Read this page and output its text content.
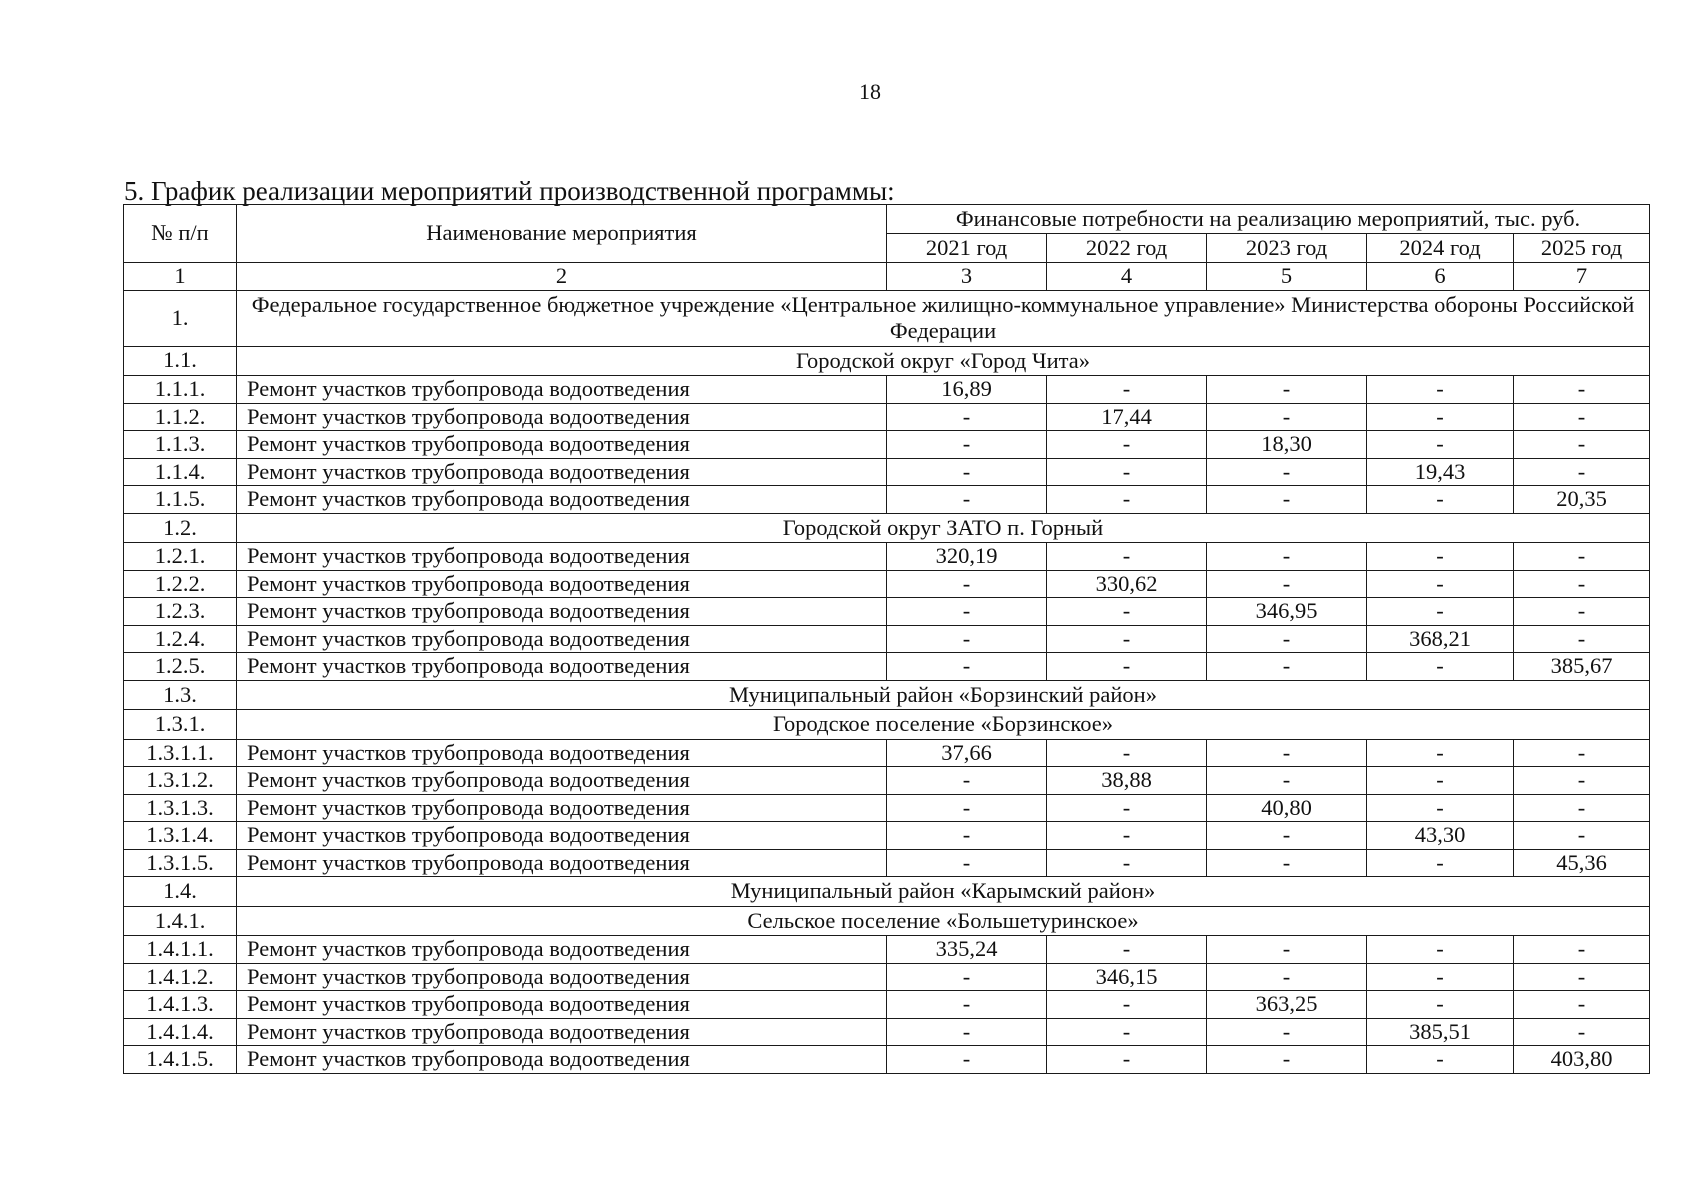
18
5. График реализации мероприятий производственной программы:
№ п/п	Наименование мероприятия	Финансовые потребности на реализацию мероприятий, тыс. руб.				
		2021 год	2022 год	2023 год	2024 год	2025 год
1	2	3	4	5	6	7
1.	Федеральное государственное бюджетное учреждение «Центральное жилищно-коммунальное управление» Министерства обороны Российской Федерации					
1.1.	Городской округ «Город Чита»					
1.1.1.	Ремонт участков трубопровода водоотведения	16,89	-	-	-	-
1.1.2.	Ремонт участков трубопровода водоотведения	-	17,44	-	-	-
1.1.3.	Ремонт участков трубопровода водоотведения	-	-	18,30	-	-
1.1.4.	Ремонт участков трубопровода водоотведения	-	-	-	19,43	-
1.1.5.	Ремонт участков трубопровода водоотведения	-	-	-	-	20,35
1.2.	Городской округ ЗАТО п. Горный					
1.2.1.	Ремонт участков трубопровода водоотведения	320,19	-	-	-	-
1.2.2.	Ремонт участков трубопровода водоотведения	-	330,62	-	-	-
1.2.3.	Ремонт участков трубопровода водоотведения	-	-	346,95	-	-
1.2.4.	Ремонт участков трубопровода водоотведения	-	-	-	368,21	-
1.2.5.	Ремонт участков трубопровода водоотведения	-	-	-	-	385,67
1.3.	Муниципальный район «Борзинский район»					
1.3.1.	Городское поселение «Борзинское»					
1.3.1.1.	Ремонт участков трубопровода водоотведения	37,66	-	-	-	-
1.3.1.2.	Ремонт участков трубопровода водоотведения	-	38,88	-	-	-
1.3.1.3.	Ремонт участков трубопровода водоотведения	-	-	40,80	-	-
1.3.1.4.	Ремонт участков трубопровода водоотведения	-	-	-	43,30	-
1.3.1.5.	Ремонт участков трубопровода водоотведения	-	-	-	-	45,36
1.4.	Муниципальный район «Карымский район»					
1.4.1.	Сельское поселение «Большетуринское»					
1.4.1.1.	Ремонт участков трубопровода водоотведения	335,24	-	-	-	-
1.4.1.2.	Ремонт участков трубопровода водоотведения	-	346,15	-	-	-
1.4.1.3.	Ремонт участков трубопровода водоотведения	-	-	363,25	-	-
1.4.1.4.	Ремонт участков трубопровода водоотведения	-	-	-	385,51	-
1.4.1.5.	Ремонт участков трубопровода водоотведения	-	-	-	-	403,80
